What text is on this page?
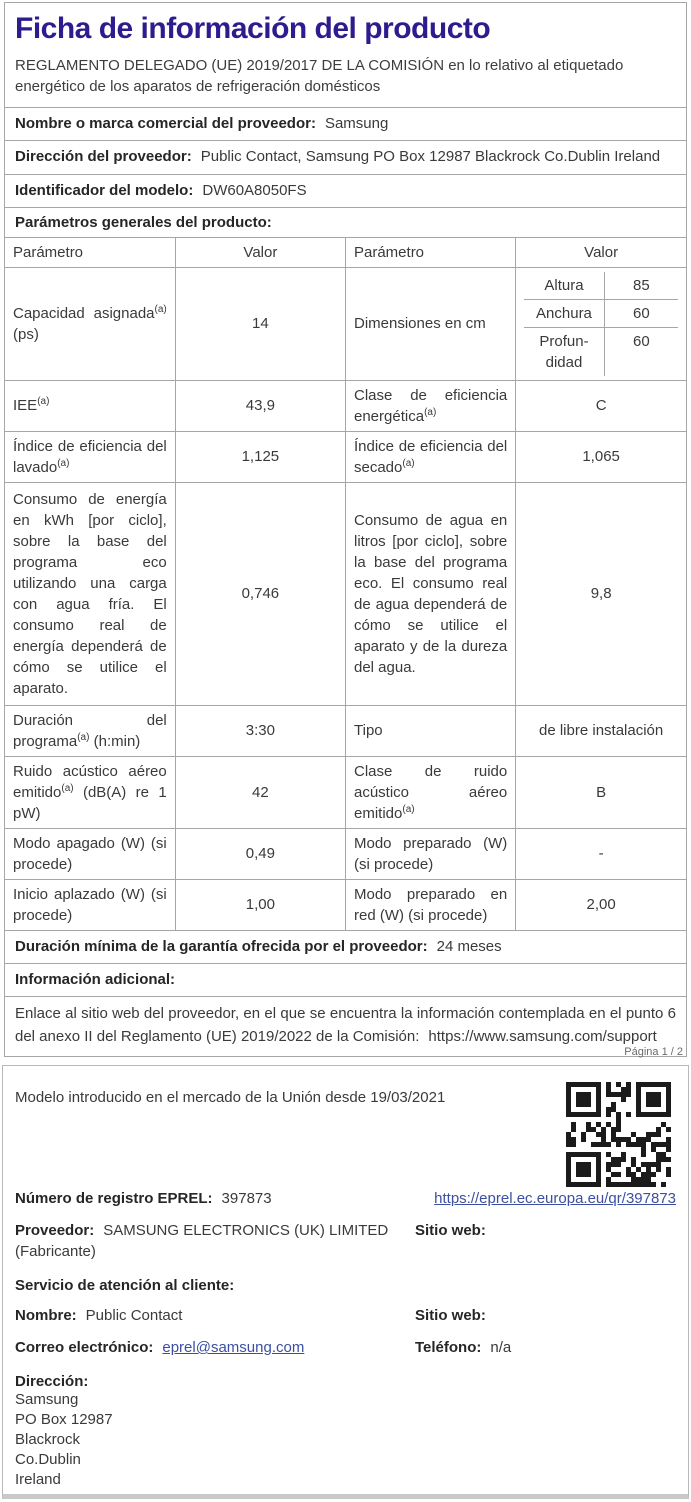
Ficha de información del producto

REGLAMENTO DELEGADO (UE) 2019/2017 DE LA COMISIÓN en lo relativo al etiquetado energético de los aparatos de refrigeración domésticos

Nombre o marca comercial del proveedor: Samsung
Dirección del proveedor: Public Contact, Samsung PO Box 12987 Blackrock Co.Dublin Ireland
Identificador del modelo: DW60A8050FS
Parámetros generales del producto:
Parámetro	Valor	Parámetro	Valor
Capacidad asignada$^{(a)}$ (ps)	14	Dimensiones en cm	
Altura	85
Anchura	60
Profundidad	60

IEE$^{(a)}$	43,9	Clase de eficiencia energética$^{(a)}$	C
Índice de eficiencia del lavado$^{(a)}$	1,125	Índice de eficiencia del secado$^{(a)}$	1,065
Consumo de energía en kWh [por ciclo], sobre la base del programa eco utilizando una carga con agua fría. El consumo real de energía dependerá de cómo se utilice el aparato.	0,746	Consumo de agua en litros [por ciclo], sobre la base del programa eco. El consumo real de agua dependerá de cómo se utilice el aparato y de la dureza del agua.	9,8
Duración del programa$^{(a)}$ (h:min)	3:30	Tipo	de libre instalación
Ruido acústico aéreo emitido$^{(a)}$ (dB(A) re 1 pW)	42	Clase de ruido acústico aéreo emitido$^{(a)}$	B
Modo apagado (W) (si procede)	0,49	Modo preparado (W) (si procede)	-
Inicio aplazado (W) (si procede)	1,00	Modo preparado en red (W) (si procede)	2,00
Duración mínima de la garantía ofrecida por el proveedor: 24 meses
Información adicional:
Enlace al sitio web del proveedor, en el que se encuentra la información contemplada en el punto 6 del anexo II del Reglamento (UE) 2019/2022 de la Comisión: https://www.samsung.com/support
Página 1 / 2
Modelo introducido en el mercado de la Unión desde 19/03/2021
Número de registro EPREL: 397873	https://eprel.ec.europa.eu/qr/397873
Proveedor: SAMSUNG ELECTRONICS (UK) LIMITED (Fabricante)
Sitio web:
Servicio de atención al cliente:
Nombre: Public Contact	Sitio web:
Correo electrónico: eprel@samsung.com	Teléfono: n/a
Dirección:
Samsung
PO Box 12987
Blackrock
Co.Dublin
Ireland
